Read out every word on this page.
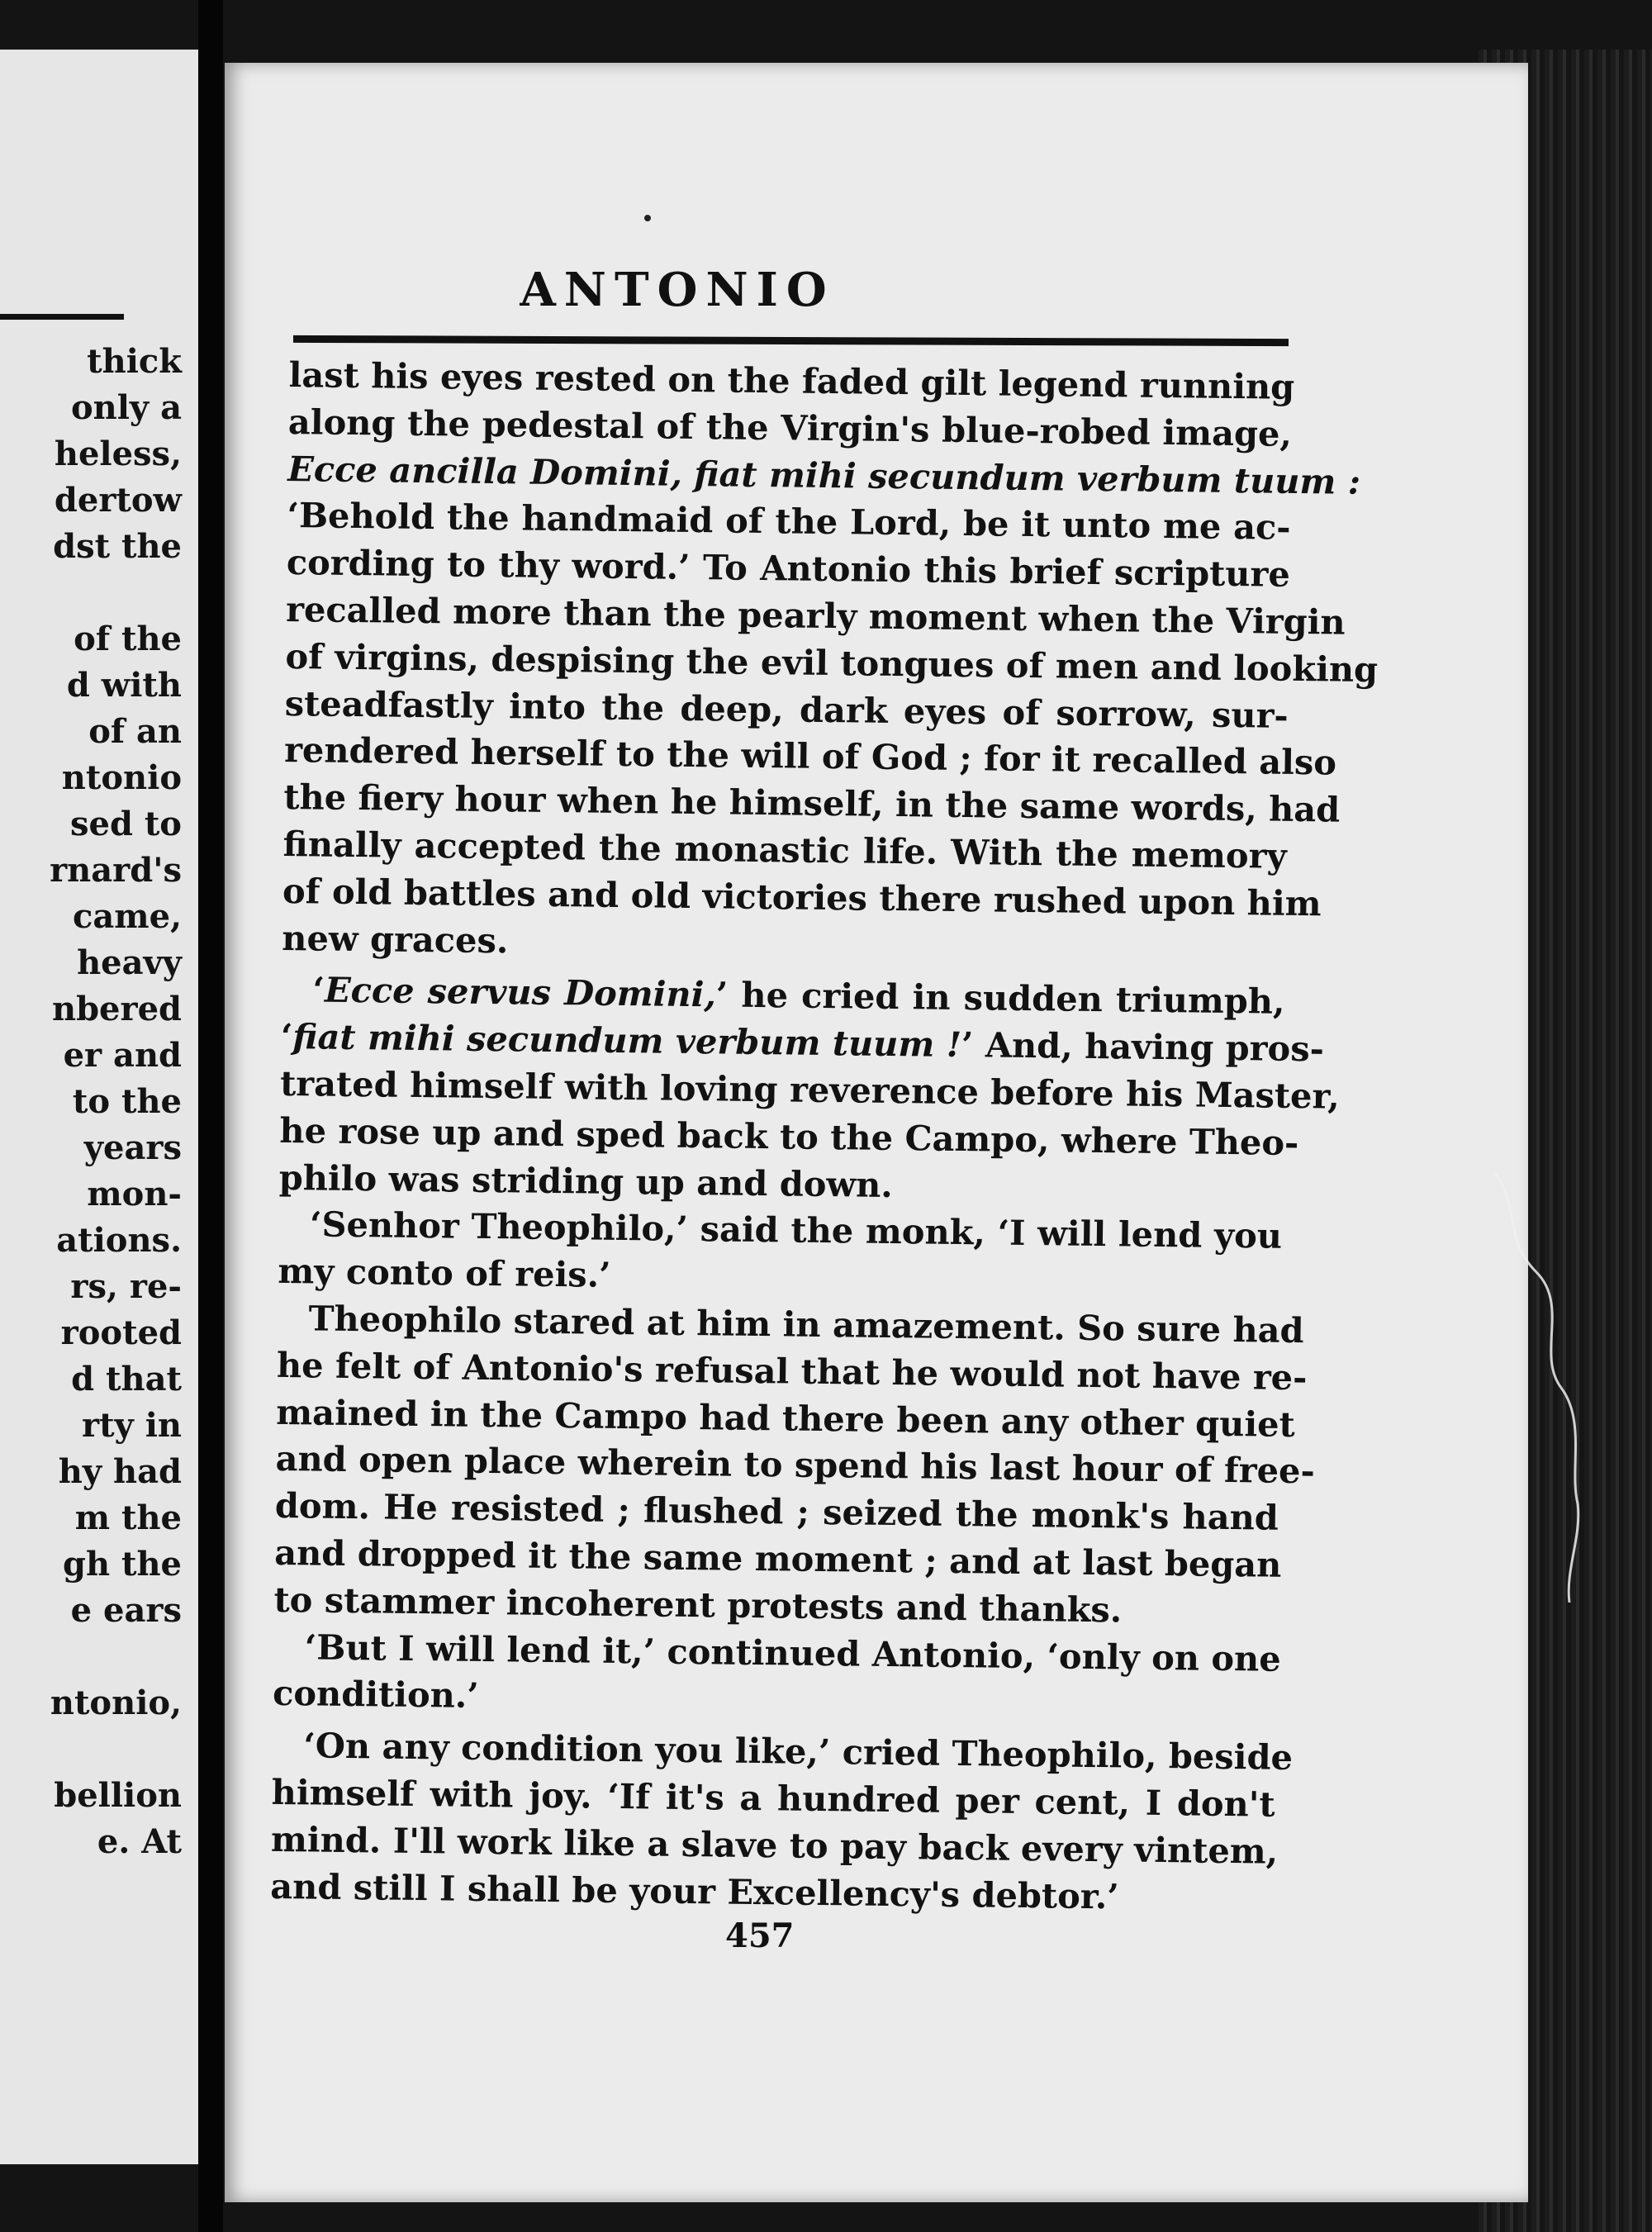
thick
only a
heless,
dertow
dst the
of the
d with
of an
ntonio
sed to
rnard's
came,
heavy
nbered
er and
to the
years
mon-
ations.
rs, re-
rooted
d that
rty in
hy had
m the
gh the
e ears
ntonio,
bellion
e. At
ANTONIO
last his eyes rested on the faded gilt legend running
along the pedestal of the Virgin's blue-robed image,
Ecce ancilla Domini, fiat mihi secundum verbum tuum :
‘Behold the handmaid of the Lord, be it unto me ac-
cording to thy word.’ To Antonio this brief scripture
recalled more than the pearly moment when the Virgin
of virgins, despising the evil tongues of men and looking
steadfastly into the deep, dark eyes of sorrow, sur-
rendered herself to the will of God ; for it recalled also
the fiery hour when he himself, in the same words, had
finally accepted the monastic life. With the memory
of old battles and old victories there rushed upon him
new graces.
‘Ecce servus Domini,’ he cried in sudden triumph,
‘fiat mihi secundum verbum tuum !’ And, having pros-
trated himself with loving reverence before his Master,
he rose up and sped back to the Campo, where Theo-
philo was striding up and down.
‘Senhor Theophilo,’ said the monk, ‘I will lend you
my conto of reis.’
Theophilo stared at him in amazement. So sure had
he felt of Antonio's refusal that he would not have re-
mained in the Campo had there been any other quiet
and open place wherein to spend his last hour of free-
dom. He resisted ; flushed ; seized the monk's hand
and dropped it the same moment ; and at last began
to stammer incoherent protests and thanks.
‘But I will lend it,’ continued Antonio, ‘only on one
condition.’
‘On any condition you like,’ cried Theophilo, beside
himself with joy. ‘If it's a hundred per cent, I don't
mind. I'll work like a slave to pay back every vintem,
and still I shall be your Excellency's debtor.’
457
